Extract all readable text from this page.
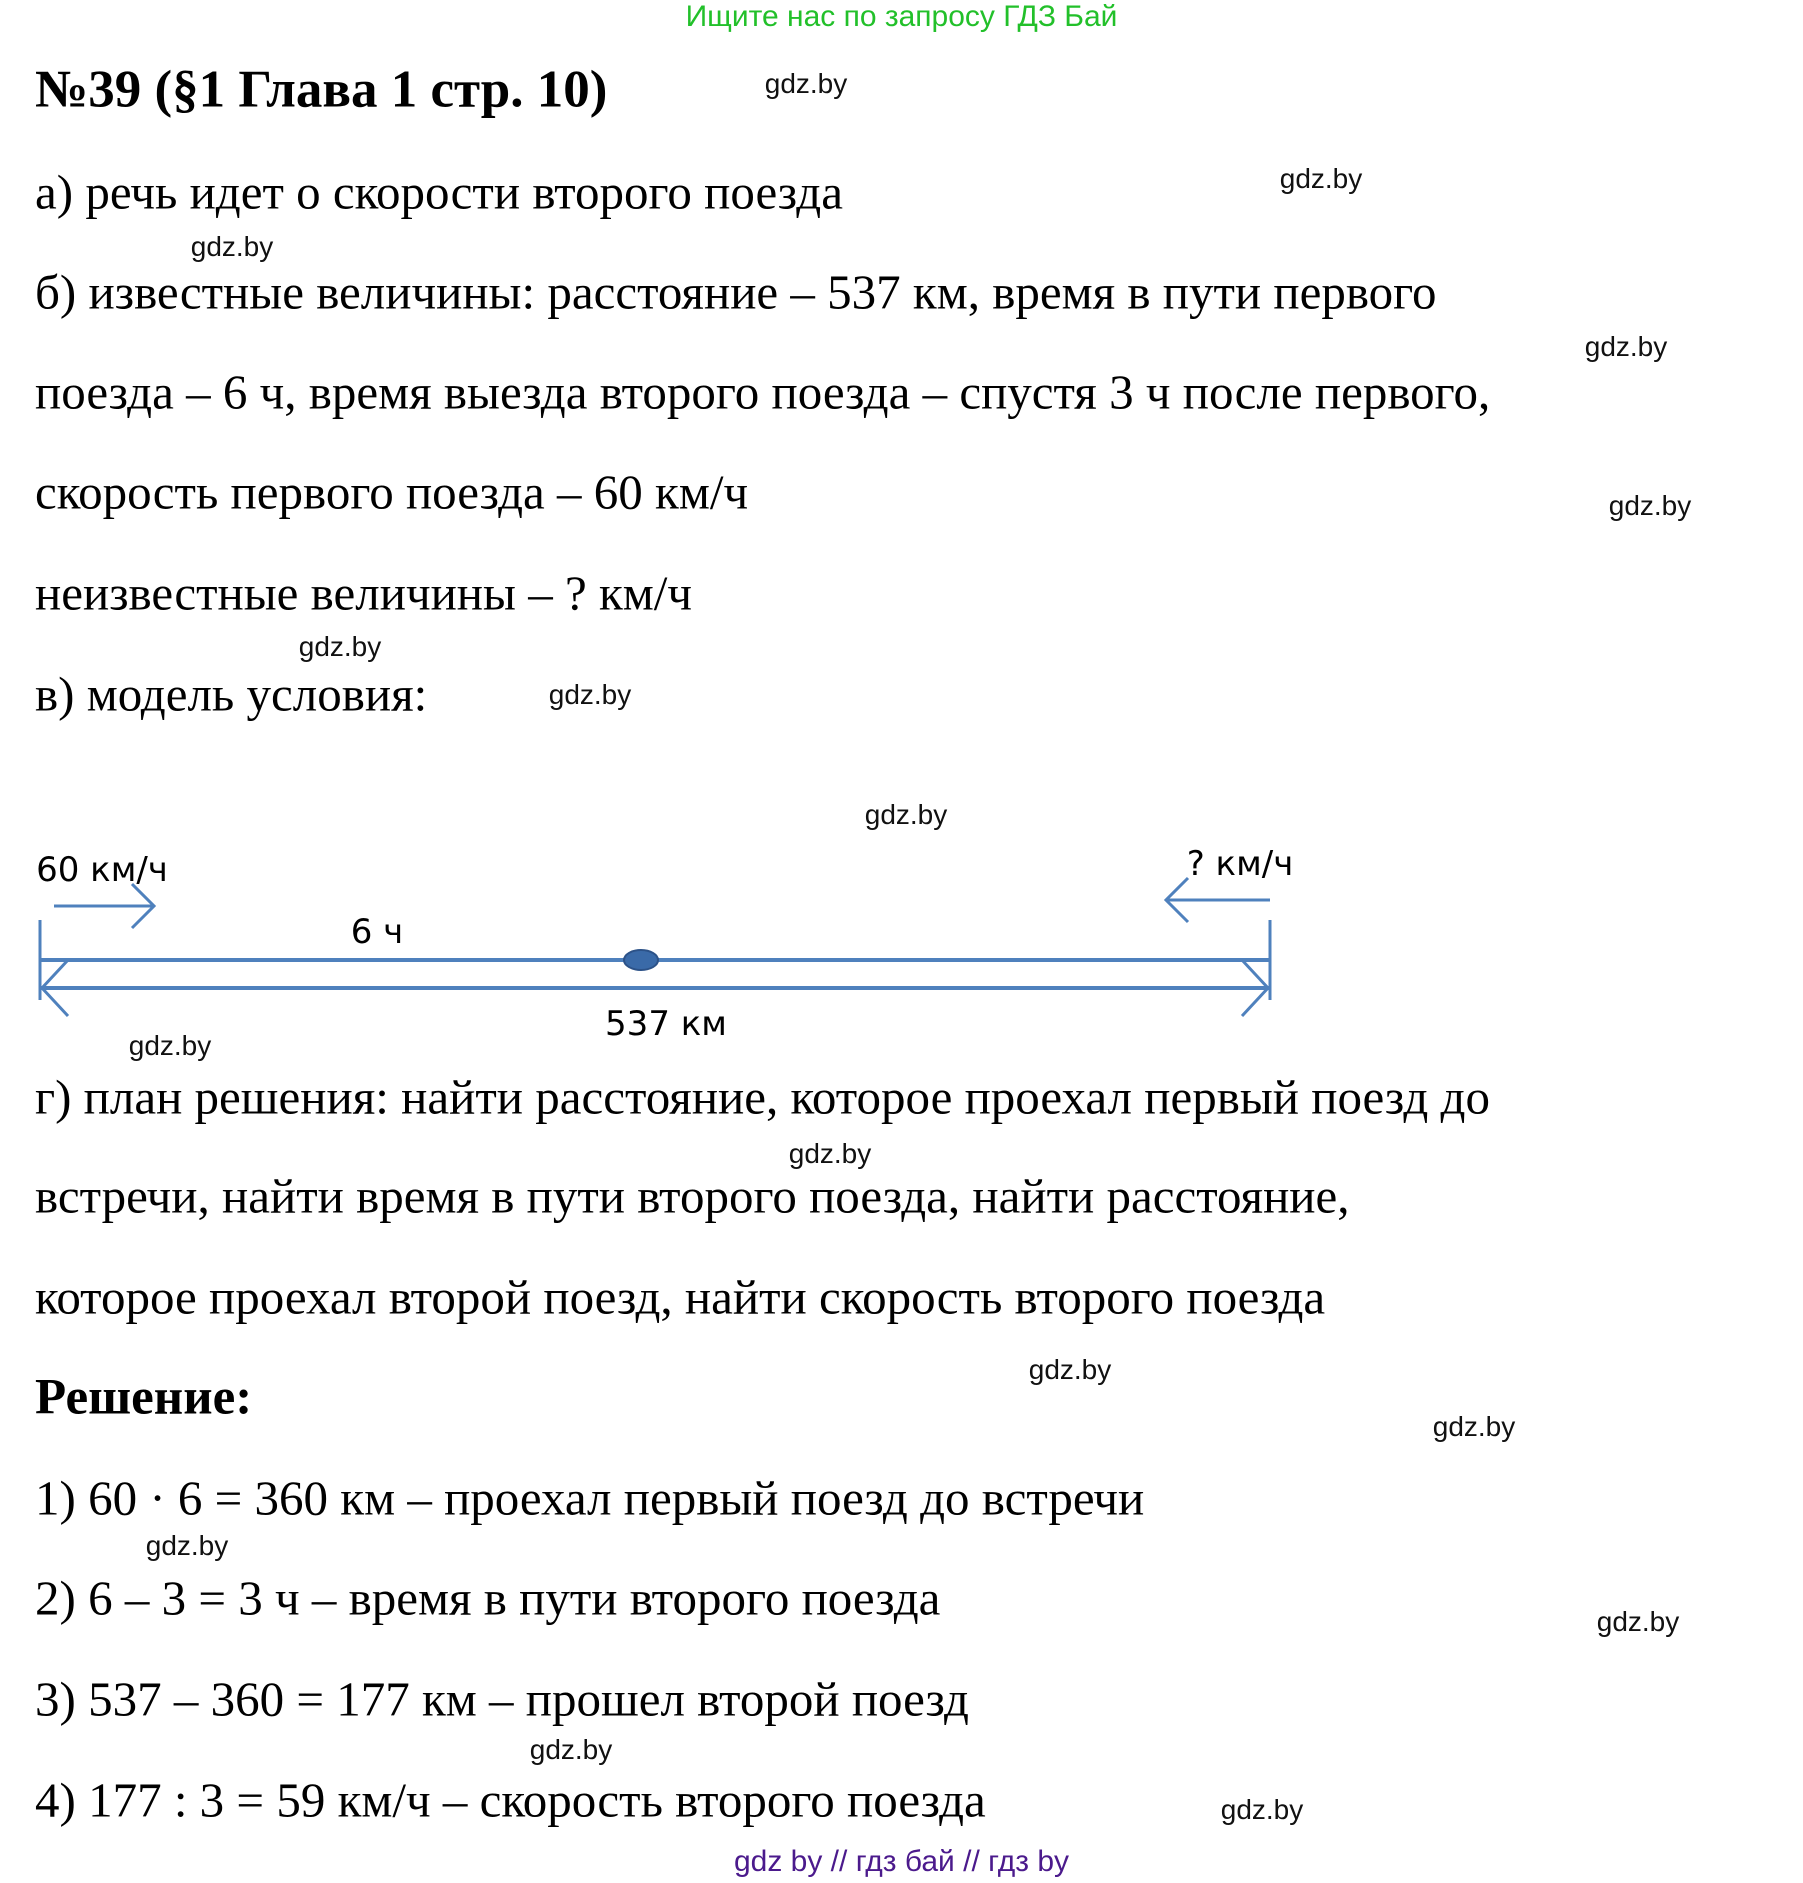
Ищите нас по запросу ГДЗ Бай
№39 (§1 Глава 1 стр. 10)
а) речь идет о скорости второго поезда
б) известные величины: расстояние – 537 км, время в пути первого
поезда – 6 ч, время выезда второго поезда – спустя 3 ч после первого,
скорость первого поезда – 60 км/ч
неизвестные величины – ? км/ч
в) модель условия:
60 км/ч
6 ч
537 км
? км/ч
г) план решения: найти расстояние, которое проехал первый поезд до
встречи, найти время в пути второго поезда, найти расстояние,
которое проехал второй поезд, найти скорость второго поезда
Решение:
1) 60 · 6 = 360 км – проехал первый поезд до встречи
2) 6 – 3 = 3 ч – время в пути второго поезда
3) 537 – 360 = 177 км – прошел второй поезд
4) 177 : 3 = 59 км/ч – скорость второго поезда
gdz.by
gdz.by
gdz.by
gdz.by
gdz.by
gdz.by
gdz.by
gdz.by
gdz.by
gdz.by
gdz.by
gdz.by
gdz.by
gdz.by
gdz.by
gdz.by
gdz by // гдз бай // гдз by
